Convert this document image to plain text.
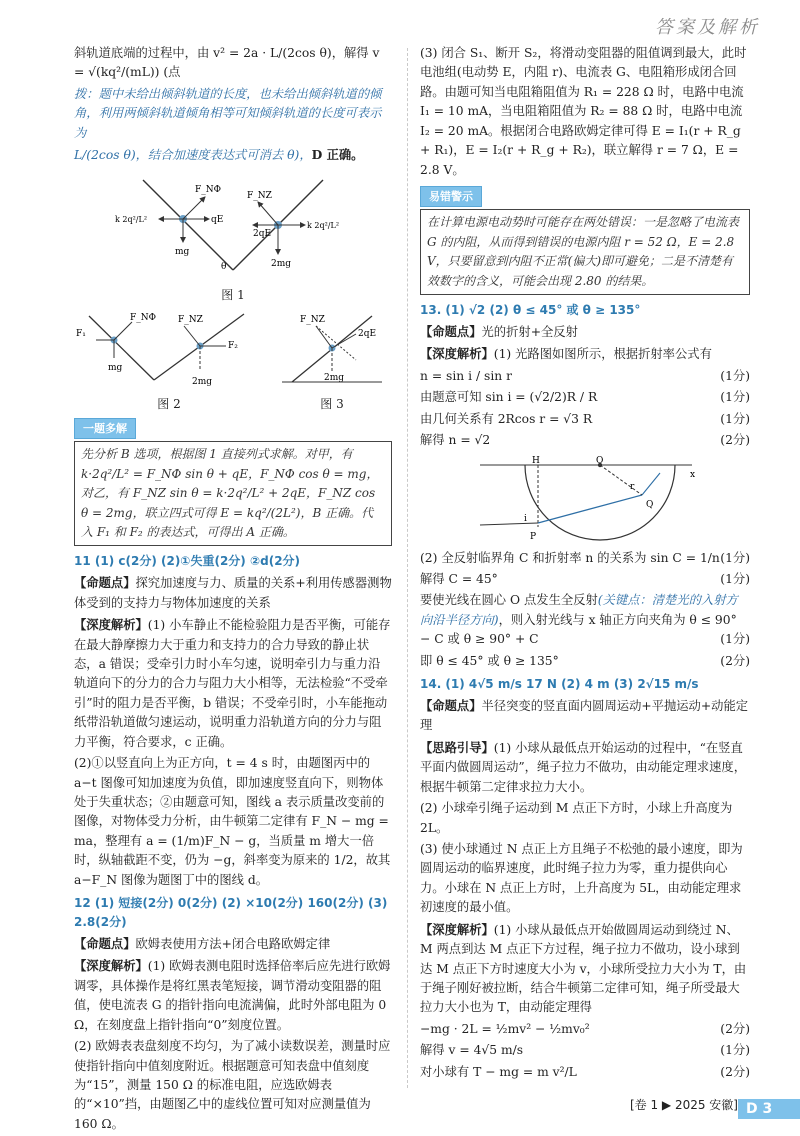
答案及解析

斜轨道底端的过程中，由 v² = 2a · L/(2cos θ)，解得 v = √(kq²/(mL)) (点

拨：题中未给出倾斜轨道的长度，也未给出倾斜轨道的倾角，利用两倾斜轨道倾角相等可知倾斜轨道的长度可表示为

L/(2cos θ)，结合加速度表达式可消去 θ)，D 正确。

F_NΦ
qE
mg
k 2q²/L²
F_NZ
2qE
2mg
k 2q²/L²
θ

图 1

F₁
F_NΦ
mg
F_NZ
F₂
2mg

图 2

F_NZ
2qE
2mg

图 3

一题多解
先分析 B 选项，根据图 1 直接列式求解。对甲，有 k·2q²/L² = F_NΦ sin θ + qE，F_NΦ cos θ = mg，对乙，有 F_NZ sin θ = k·2q²/L² + 2qE，F_NZ cos θ = 2mg，联立四式可得 E = kq²/(2L²)，B 正确。代入 F₁ 和 F₂ 的表达式，可得出 A 正确。

11 (1) c(2分) (2)①失重(2分) ②d(2分)

【命题点】探究加速度与力、质量的关系+利用传感器测物体受到的支持力与物体加速度的关系

【深度解析】(1) 小车静止不能检验阻力是否平衡，可能存在最大静摩擦力大于重力和支持力的合力导致的静止状态，a 错误；受牵引力时小车匀速，说明牵引力与重力沿轨道向下的分力的合力与阻力大小相等，无法检验“不受牵引”时的阻力是否平衡，b 错误；不受牵引时，小车能拖动纸带沿轨道做匀速运动，说明重力沿轨道方向的分力与阻力平衡，符合要求，c 正确。

(2)①以竖直向上为正方向，t = 4 s 时，由题图丙中的 a−t 图像可知加速度为负值，即加速度竖直向下，则物体处于失重状态；②由题意可知，图线 a 表示质量改变前的图像，对物体受力分析，由牛顿第二定律有 F_N − mg = ma，整理有 a = (1/m)F_N − g，当质量 m 增大一倍时，纵轴截距不变，仍为 −g，斜率变为原来的 1/2，故其 a−F_N 图像为题图丁中的图线 d。

12 (1) 短接(2分) 0(2分) (2) ×10(2分) 160(2分) (3) 2.8(2分)

【命题点】欧姆表使用方法+闭合电路欧姆定律

【深度解析】(1) 欧姆表测电阻时选择倍率后应先进行欧姆调零，具体操作是将红黑表笔短接，调节滑动变阻器的阻值，使电流表 G 的指针指向电流满偏，此时外部电阻为 0 Ω，在刻度盘上指针指向“0”刻度位置。

(2) 欧姆表表盘刻度不均匀，为了减小读数误差，测量时应使指针指向中值刻度附近。根据题意可知表盘中值刻度为“15”，测量 150 Ω 的标准电阻，应选欧姆表的“×10”挡，由题图乙中的虚线位置可知对应测量值为 160 Ω。

(3) 闭合 S₁、断开 S₂，将滑动变阻器的阻值调到最大，此时电池组(电动势 E，内阻 r)、电流表 G、电阻箱形成闭合回路。由题可知当电阻箱阻值为 R₁ = 228 Ω 时，电路中电流 I₁ = 10 mA，当电阻箱阻值为 R₂ = 88 Ω 时，电路中电流 I₂ = 20 mA。根据闭合电路欧姆定律可得 E = I₁(r + R_g + R₁)，E = I₂(r + R_g + R₂)，联立解得 r = 7 Ω，E = 2.8 V。

易错警示
在计算电源电动势时可能存在两处错误：一是忽略了电流表 G 的内阻，从而得到错误的电源内阻 r = 52 Ω，E = 2.8 V，只要留意到内阻不正常(偏大)即可避免；二是不清楚有效数字的含义，可能会出现 2.80 的结果。

13. (1) √2 (2) θ ≤ 45° 或 θ ≥ 135°

【命题点】光的折射+全反射

【深度解析】(1) 光路图如图所示，根据折射率公式有

n = sin i / sin r	(1分)
由题意可知 sin i = (√2/2)R / R	(1分)
由几何关系有 2Rcos r = √3 R	(1分)
解得 n = √2	(2分)
H	O
x
Q
P
r
i
(2) 全反射临界角 C 和折射率 n 的关系为 sin C = 1/n (1分)
解得 C = 45°	(1分)

要使光线在圆心 O 点发生全反射(关键点：清楚光的入射方向沿半径方向)，则入射光线与 x 轴正方向夹角为 θ ≤ 90° − C 或 θ ≥ 90° + C	(1分)

即 θ ≤ 45° 或 θ ≥ 135°	(2分)

14. (1) 4√5 m/s 17 N (2) 4 m (3) 2√15 m/s

【命题点】半径突变的竖直面内圆周运动+平抛运动+动能定理

【思路引导】(1) 小球从最低点开始运动的过程中，“在竖直平面内做圆周运动”，绳子拉力不做功，由动能定理求速度，根据牛顿第二定律求拉力大小。

(2) 小球牵引绳子运动到 M 点正下方时，小球上升高度为 2L。

(3) 使小球通过 N 点正上方且绳子不松弛的最小速度，即为圆周运动的临界速度，此时绳子拉力为零，重力提供向心力。小球在 N 点正上方时，上升高度为 5L，由动能定理求初速度的最小值。

【深度解析】(1) 小球从最低点开始做圆周运动到绕过 N、M 两点到达 M 点正下方过程，绳子拉力不做功，设小球到达 M 点正下方时速度大小为 v，小球所受拉力大小为 T，由于绳子刚好被拉断，结合牛顿第二定律可知，绳子所受最大拉力大小也为 T，由动能定理得

−mg · 2L = ½mv² − ½mv₀²	(2分)
解得 v = 4√5 m/s	(1分)
对小球有 T − mg = m v²/L	(2分)
[卷 1 ▶ 2025 安徽] D 3
